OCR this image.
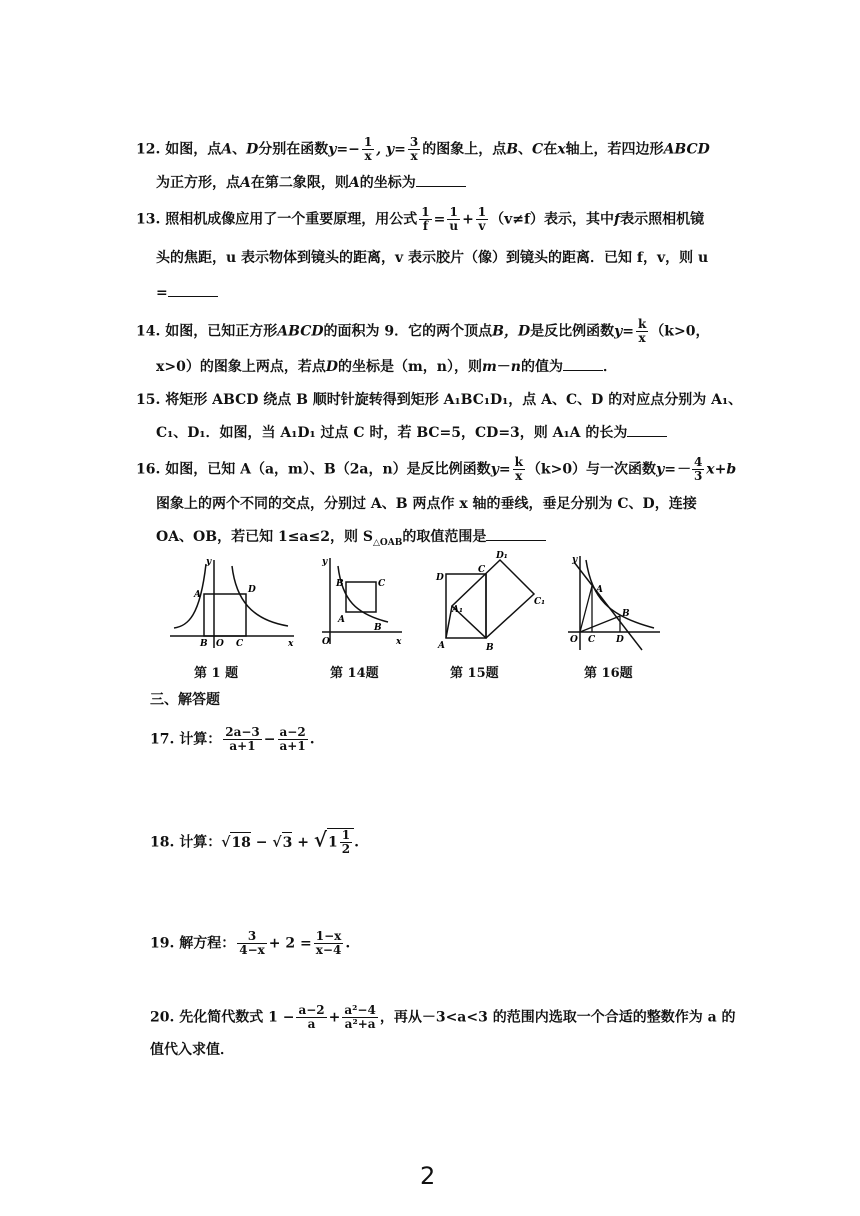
12. 如图，点A、D分别在函数$y=- \frac{1}{x}$ , $y= \frac{3}{x}$ 的图象上，点B、C在x轴上，若四边形ABCD
为正方形，点A在第二象限，则A的坐标为
13. 照相机成像应用了一个重要原理，用公式 $\frac{1}{f} = \frac{1}{u} + \frac{1}{v} (v\ne f)$表示，其中f表示照相机镜
头的焦距，u 表示物体到镜头的距离，v 表示胶片（像）到镜头的距离．已知 f，v，则 u
=
14. 如图，已知正方形ABCD的面积为 9．它的两个顶点B，D是反比例函数$y= \frac{k}{x} (k>0$，
x>0）的图象上两点，若点D的坐标是（m，n），则m－n的值为	．
15. 将矩形 ABCD 绕点 B 顺时针旋转得到矩形 A₁BC₁D₁，点 A、C、D 的对应点分别为 A₁、
C₁、D₁．如图，当 A₁D₁ 过点 C 时，若 BC=5，CD=3，则 A₁A 的长为
16. 如图，已知 A（a，m）、B（2a，n）是反比例函数$y= \frac{k}{x} (k>0)$与一次函数$y=- \frac{4}{3} x+b$
图象上的两个不同的交点，分别过 A、B 两点作 x 轴的垂线，垂足分别为 C、D，连接
OA、OB，若已知 1≤a≤2，则 $S_{\triangle OAB}$的取值范围是
y
x
A	D
B O C
y
x
B	C
A
B
O
D
C
D₁
C₁
A₁
A	B
y
A
B
O C D
第 1 题	第 14题	第 15题	第 16题
三、解答题
17. 计算： $\frac{2a-3}{a+1} - \frac{a-2}{a+1}$ .
18. 计算：$√18 - √3 + √1 \frac{1}{2}$ .
19. 解方程： $\frac{3}{4-x} + 2 = \frac{1-x}{x-4}$ .
20. 先化简代数式 $1 - \frac{a-2}{a} + \frac{\text{a²−4}}{\text{a²+a}}$ ，再从－3<a<3 的范围内选取一个合适的整数作为 a 的
值代入求值．
2
